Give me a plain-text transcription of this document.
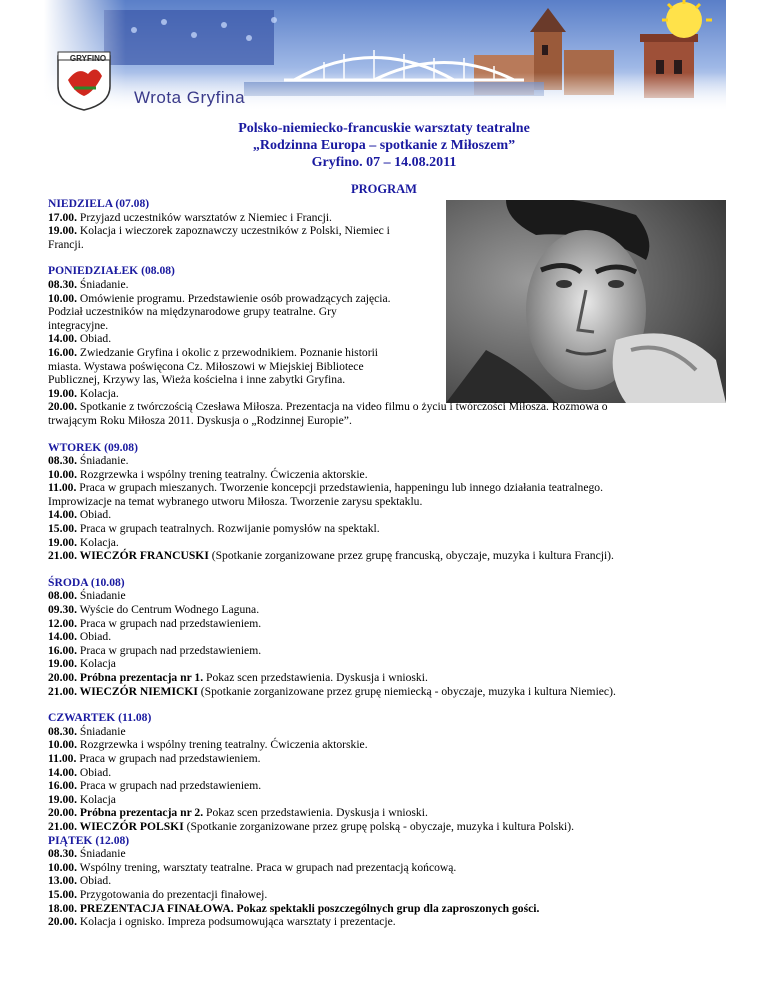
GRYFINO
Wrota Gryfina
Polsko-niemiecko-francuskie warsztaty teatralne
„Rodzinna Europa – spotkanie z Miłoszem”
Gryfino. 07 – 14.08.2011
PROGRAM
NIEDZIELA (07.08)
17.00. Przyjazd uczestników warsztatów z Niemiec i Francji.
19.00. Kolacja i wieczorek zapoznawczy uczestników z Polski, Niemiec i
Francji.
PONIEDZIAŁEK (08.08)
08.30. Śniadanie.
10.00. Omówienie programu. Przedstawienie osób prowadzących zajęcia.
Podział uczestników na międzynarodowe grupy teatralne. Gry
integracyjne.
14.00. Obiad.
16.00. Zwiedzanie Gryfina i okolic z przewodnikiem. Poznanie historii
miasta. Wystawa poświęcona Cz. Miłoszowi w Miejskiej Bibliotece
Publicznej, Krzywy las, Wieża kościelna i inne zabytki Gryfina.
19.00. Kolacja.
20.00. Spotkanie z twórczością Czesława Miłosza. Prezentacja na video filmu o życiu i twórczości Miłosza. Rozmowa o
trwającym Roku Miłosza 2011. Dyskusja o „Rodzinnej Europie”.
WTOREK (09.08)
08.30. Śniadanie.
10.00. Rozgrzewka i wspólny trening teatralny. Ćwiczenia aktorskie.
11.00. Praca w grupach mieszanych. Tworzenie koncepcji przedstawienia, happeningu lub innego działania teatralnego.
Improwizacje na temat wybranego utworu Miłosza. Tworzenie zarysu spektaklu.
14.00. Obiad.
15.00. Praca w grupach teatralnych. Rozwijanie pomysłów na spektakl.
19.00. Kolacja.
21.00. WIECZÓR FRANCUSKI (Spotkanie zorganizowane przez grupę francuską, obyczaje, muzyka i kultura Francji).
ŚRODA (10.08)
08.00. Śniadanie
09.30. Wyście do Centrum Wodnego Laguna.
12.00. Praca w grupach nad przedstawieniem.
14.00. Obiad.
16.00. Praca w grupach nad przedstawieniem.
19.00. Kolacja
20.00. Próbna prezentacja nr 1. Pokaz scen przedstawienia. Dyskusja i wnioski.
21.00. WIECZÓR NIEMICKI (Spotkanie zorganizowane przez grupę niemiecką - obyczaje, muzyka i kultura Niemiec).
CZWARTEK (11.08)
08.30. Śniadanie
10.00. Rozgrzewka i wspólny trening teatralny. Ćwiczenia aktorskie.
11.00. Praca w grupach nad przedstawieniem.
14.00. Obiad.
16.00. Praca w grupach nad przedstawieniem.
19.00. Kolacja
20.00. Próbna prezentacja nr 2. Pokaz scen przedstawienia. Dyskusja i wnioski.
21.00. WIECZÓR POLSKI (Spotkanie zorganizowane przez grupę polską - obyczaje, muzyka i kultura Polski).
PIĄTEK (12.08)
08.30. Śniadanie
10.00. Wspólny trening, warsztaty teatralne. Praca w grupach nad prezentacją końcową.
13.00. Obiad.
15.00. Przygotowania do prezentacji finałowej.
18.00. PREZENTACJA FINAŁOWA. Pokaz spektakli poszczególnych grup dla zaproszonych gości.
20.00. Kolacja i ognisko. Impreza podsumowująca warsztaty i prezentacje.
